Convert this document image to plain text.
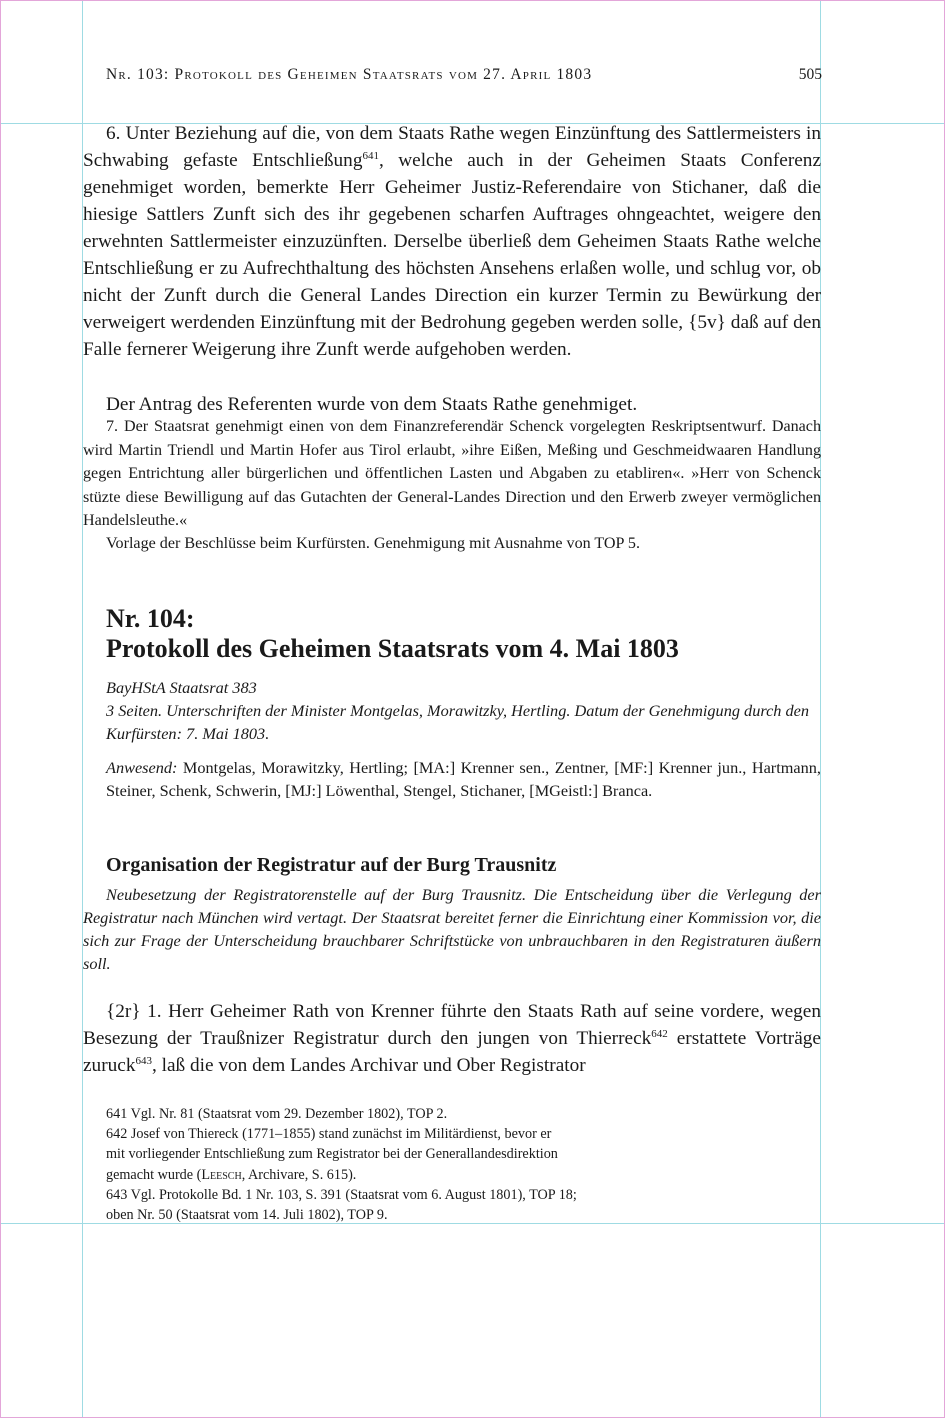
Nr. 103: Protokoll des Geheimen Staatsrats vom 27. April 1803	505

6. Unter Beziehung auf die, von dem Staats Rathe wegen Einzünftung des Sattlermeisters in Schwabing gefaste Entschließung$^{641}$, welche auch in der Geheimen Staats Conferenz genehmiget worden, bemerkte Herr Geheimer Justiz-Referendaire von Stichaner, daß die hiesige Sattlers Zunft sich des ihr gegebenen scharfen Auftrages ohngeachtet, weigere den erwehnten Sattlermeister einzuzünften. Derselbe überließ dem Geheimen Staats Rathe welche Entschließung er zu Aufrechthaltung des höchsten Ansehens erlaßen wolle, und schlug vor, ob nicht der Zunft durch die General Landes Direction ein kurzer Termin zu Bewürkung der verweigert werdenden Einzünftung mit der Bedrohung gegeben werden solle, {5v} daß auf den Falle fernerer Weigerung ihre Zunft werde aufgehoben werden.

Der Antrag des Referenten wurde von dem Staats Rathe genehmiget.

7. Der Staatsrat genehmigt einen von dem Finanzreferendär Schenck vorgelegten Reskriptsentwurf. Danach wird Martin Triendl und Martin Hofer aus Tirol erlaubt, »ihre Eißen, Meßing und Geschmeidwaaren Handlung gegen Entrichtung aller bürgerlichen und öffentlichen Lasten und Abgaben zu etabliren«. »Herr von Schenck stüzte diese Bewilligung auf das Gutachten der General-Landes Direction und den Erwerb zweyer vermöglichen Handelsleuthe.«

Vorlage der Beschlüsse beim Kurfürsten. Genehmigung mit Ausnahme von TOP 5.

Nr. 104:
Protokoll des Geheimen Staatsrats vom 4. Mai 1803

BayHStA Staatsrat 383

3 Seiten. Unterschriften der Minister Montgelas, Morawitzky, Hertling. Datum der Genehmigung durch den Kurfürsten: 7. Mai 1803.

Anwesend: Montgelas, Morawitzky, Hertling; [MA:] Krenner sen., Zentner, [MF:] Krenner jun., Hartmann, Steiner, Schenk, Schwerin, [MJ:] Löwenthal, Stengel, Stichaner, [MGeistl:] Branca.

Organisation der Registratur auf der Burg Trausnitz

Neubesetzung der Registratorenstelle auf der Burg Trausnitz. Die Entscheidung über die Verlegung der Registratur nach München wird vertagt. Der Staatsrat bereitet ferner die Einrichtung einer Kommission vor, die sich zur Frage der Unterscheidung brauchbarer Schriftstücke von unbrauchbaren in den Registraturen äußern soll.

{2r} 1. Herr Geheimer Rath von Krenner führte den Staats Rath auf seine vordere, wegen Besezung der Traußnizer Registratur durch den jungen von Thierreck$^{642}$ erstattete Vorträge zuruck$^{643}$, laß die von dem Landes Archivar und Ober Registrator

641 Vgl. Nr. 81 (Staatsrat vom 29. Dezember 1802), TOP 2.
642 Josef von Thiereck (1771–1855) stand zunächst im Militärdienst, bevor er
mit vorliegender Entschließung zum Registrator bei der Generallandesdirektion
gemacht wurde (Leesch, Archivare, S. 615).
643 Vgl. Protokolle Bd. 1 Nr. 103, S. 391 (Staatsrat vom 6. August 1801), TOP 18;
oben Nr. 50 (Staatsrat vom 14. Juli 1802), TOP 9.
